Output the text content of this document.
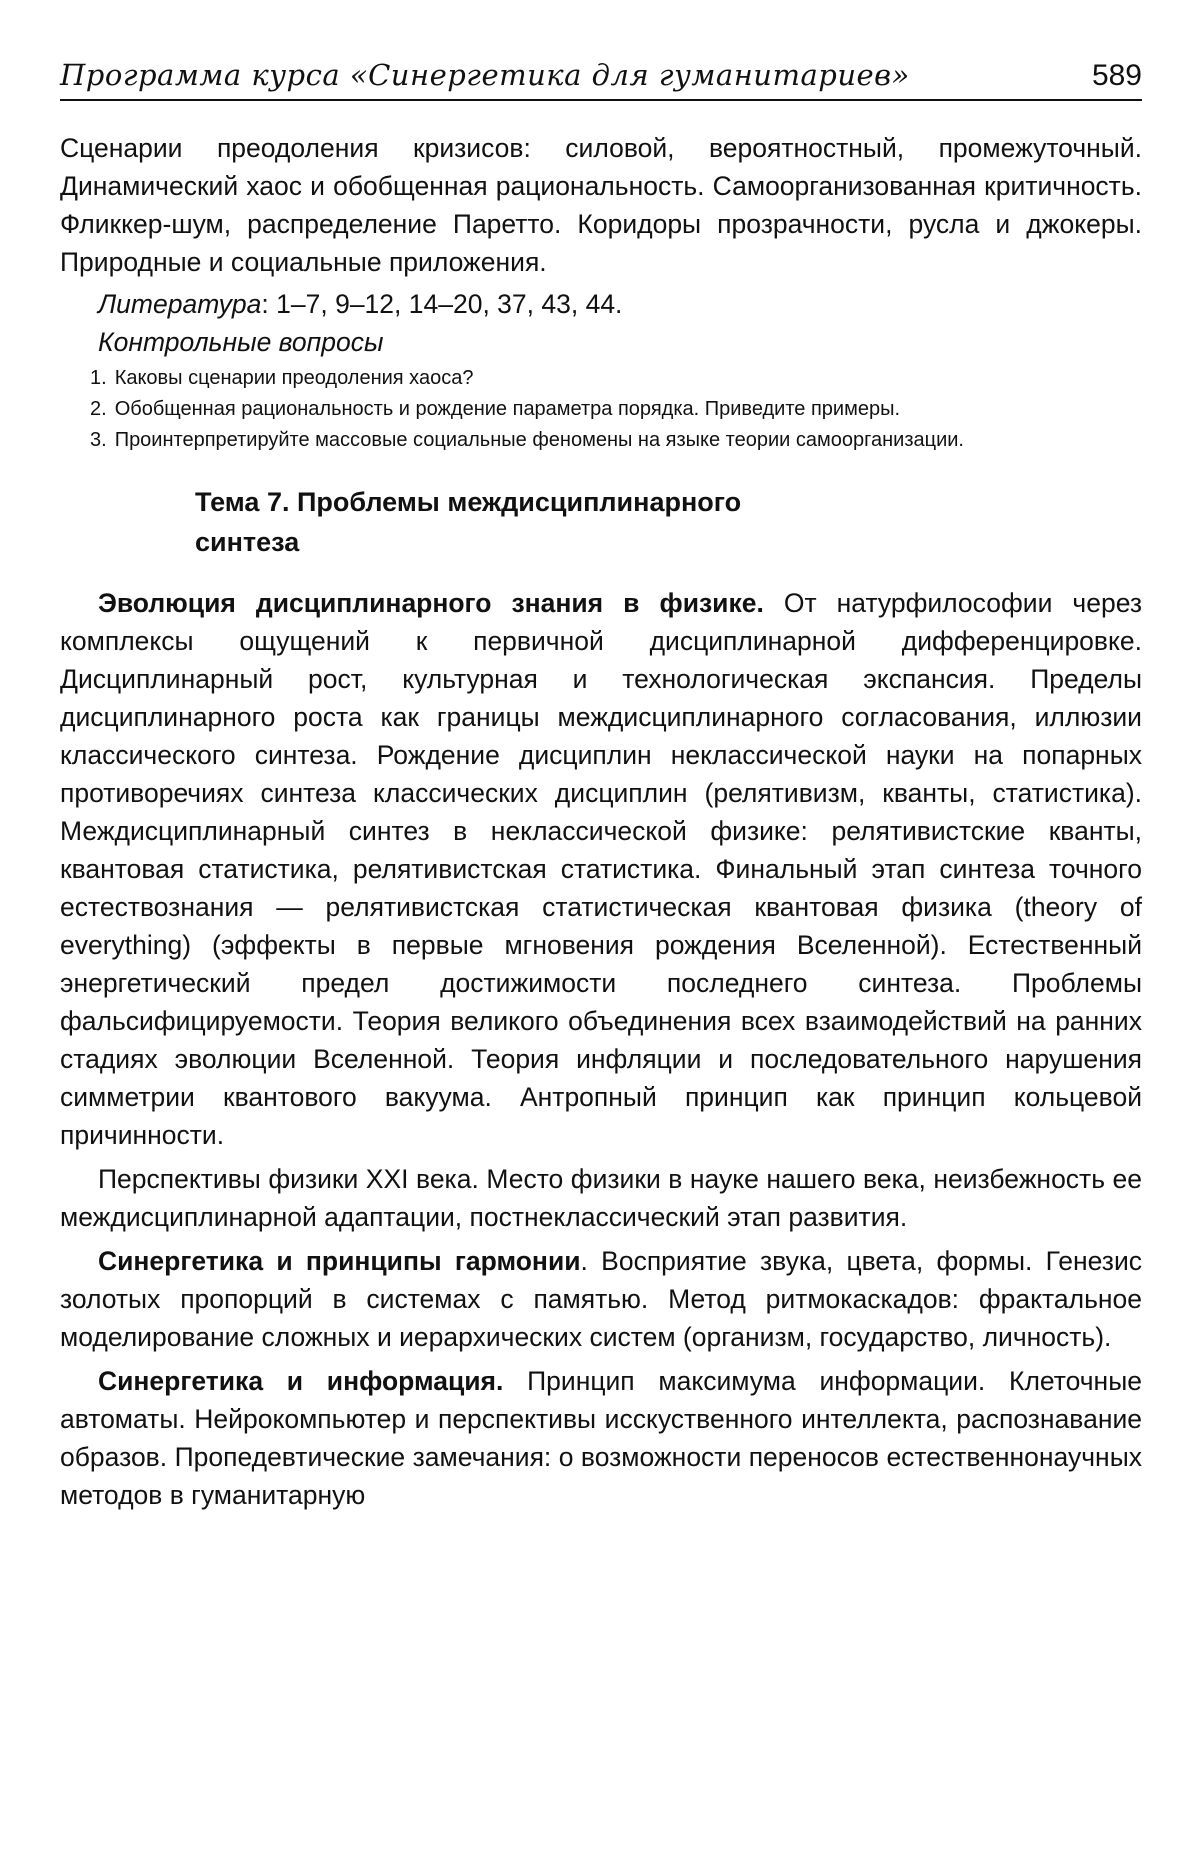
Программа курса «Синергетика для гуманитариев»	589

Сценарии преодоления кризисов: силовой, вероятностный, промежуточный. Динамический хаос и обобщенная рациональность. Самоорганизованная критичность. Фликкер-шум, распределение Паретто. Коридоры прозрачности, русла и джокеры. Природные и социальные приложения.

Литература: 1–7, 9–12, 14–20, 37, 43, 44.
Контрольные вопросы
1. Каковы сценарии преодоления хаоса?
2. Обобщенная рациональность и рождение параметра порядка. Приведите примеры.
3. Проинтерпретируйте массовые социальные феномены на языке теории самоорганизации.
Тема 7. Проблемы междисциплинарного
синтеза

Эволюция дисциплинарного знания в физике. От натурфилософии через комплексы ощущений к первичной дисциплинарной дифференцировке. Дисциплинарный рост, культурная и технологическая экспансия. Пределы дисциплинарного роста как границы междисциплинарного согласования, иллюзии классического синтеза. Рождение дисциплин неклассической науки на попарных противоречиях синтеза классических дисциплин (релятивизм, кванты, статистика). Междисциплинарный синтез в неклассической физике: релятивистские кванты, квантовая статистика, релятивистская статистика. Финальный этап синтеза точного естествознания — релятивистская статистическая квантовая физика (theory of everything) (эффекты в первые мгновения рождения Вселенной). Естественный энергетический предел достижимости последнего синтеза. Проблемы фальсифицируемости. Теория великого объединения всех взаимодействий на ранних стадиях эволюции Вселенной. Теория инфляции и последовательного нарушения симметрии квантового вакуума. Антропный принцип как принцип кольцевой причинности.

Перспективы физики XXI века. Место физики в науке нашего века, неизбежность ее междисциплинарной адаптации, постнеклассический этап развития.

Синергетика и принципы гармонии. Восприятие звука, цвета, формы. Генезис золотых пропорций в системах с памятью. Метод ритмокаскадов: фрактальное моделирование сложных и иерархических систем (организм, государство, личность).

Синергетика и информация. Принцип максимума информации. Клеточные автоматы. Нейрокомпьютер и перспективы исскуственного интеллекта, распознавание образов. Пропедевтические замечания: о возможности переносов естественнонаучных методов в гуманитарную
